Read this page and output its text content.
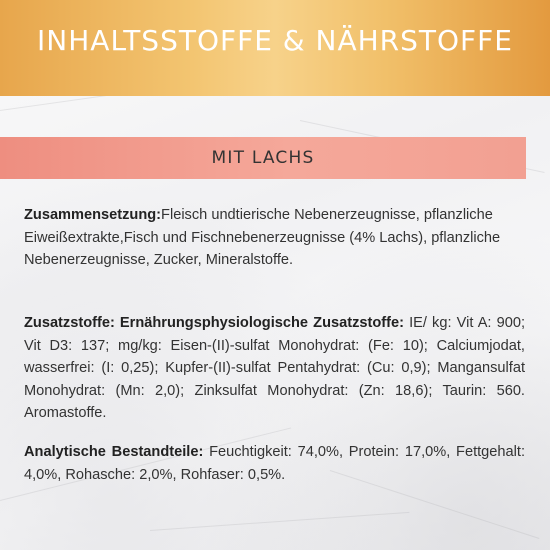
INHALTSSTOFFE & NÄHRSTOFFE
MIT LACHS

Zusammensetzung:Fleisch undtierische Nebenerzeugnisse, pflanzliche Eiweißextrakte,Fisch und Fischnebenerzeugnisse (4% Lachs), pflanzliche Nebenerzeugnisse, Zucker, Mineralstoffe.

Zusatzstoffe: Ernährungsphysiologische Zusatzstoffe: IE/ kg: Vit A: 900; Vit D3: 137; mg/kg: Eisen-(II)-sulfat Monohydrat: (Fe: 10); Calciumjodat, wasserfrei: (I: 0,25); Kupfer-(II)-sulfat Pentahydrat: (Cu: 0,9); Mangansulfat Monohydrat: (Mn: 2,0); Zinksulfat Monohydrat: (Zn: 18,6); Taurin: 560. Aromastoffe.

Analytische Bestandteile: Feuchtigkeit: 74,0%, Protein: 17,0%, Fettgehalt: 4,0%, Rohasche: 2,0%, Rohfaser: 0,5%.
